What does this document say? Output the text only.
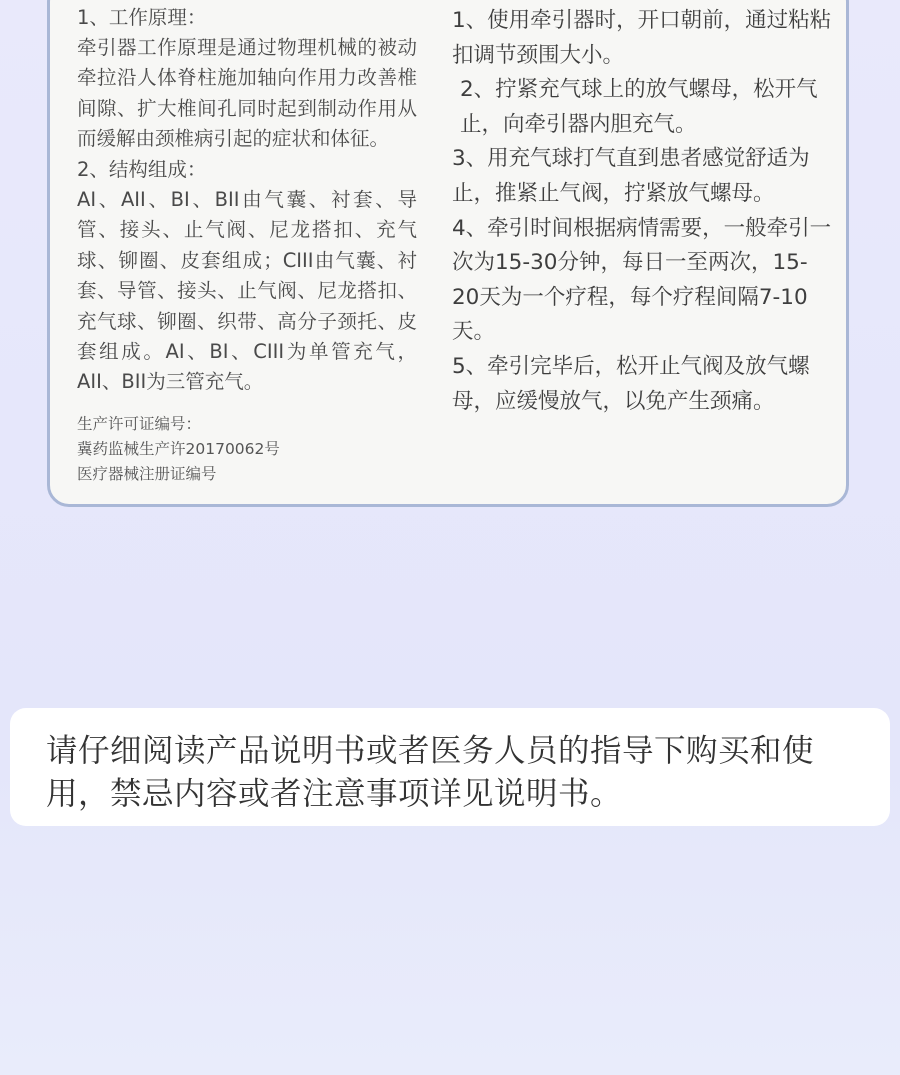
1、工作原理：

牵引器工作原理是通过物理机械的被动牵拉沿人体脊柱施加轴向作用力改善椎间隙、扩大椎间孔同时起到制动作用从而缓解由颈椎病引起的症状和体征。

2、结构组成：

AI、AII、BI、BII由气囊、衬套、导管、接头、止气阀、尼龙搭扣、充气球、铆圈、皮套组成；CIII由气囊、衬套、导管、接头、止气阀、尼龙搭扣、充气球、铆圈、织带、高分子颈托、皮套组成。AI、BI、CIII为单管充气，AII、BII为三管充气。

生产许可证编号：

冀药监械生产许20170062号

医疗器械注册证编号

1、使用牵引器时，开口朝前，通过粘粘扣调节颈围大小。

2、拧紧充气球上的放气螺母，松开气止，向牵引器内胆充气。

3、用充气球打气直到患者感觉舒适为止，推紧止气阀，拧紧放气螺母。

4、牵引时间根据病情需要，一般牵引一次为15-30分钟，每日一至两次，15-20天为一个疗程，每个疗程间隔7-10天。

5、牵引完毕后，松开止气阀及放气螺母，应缓慢放气，以免产生颈痛。

请仔细阅读产品说明书或者医务人员的指导下购买和使用，禁忌内容或者注意事项详见说明书。
